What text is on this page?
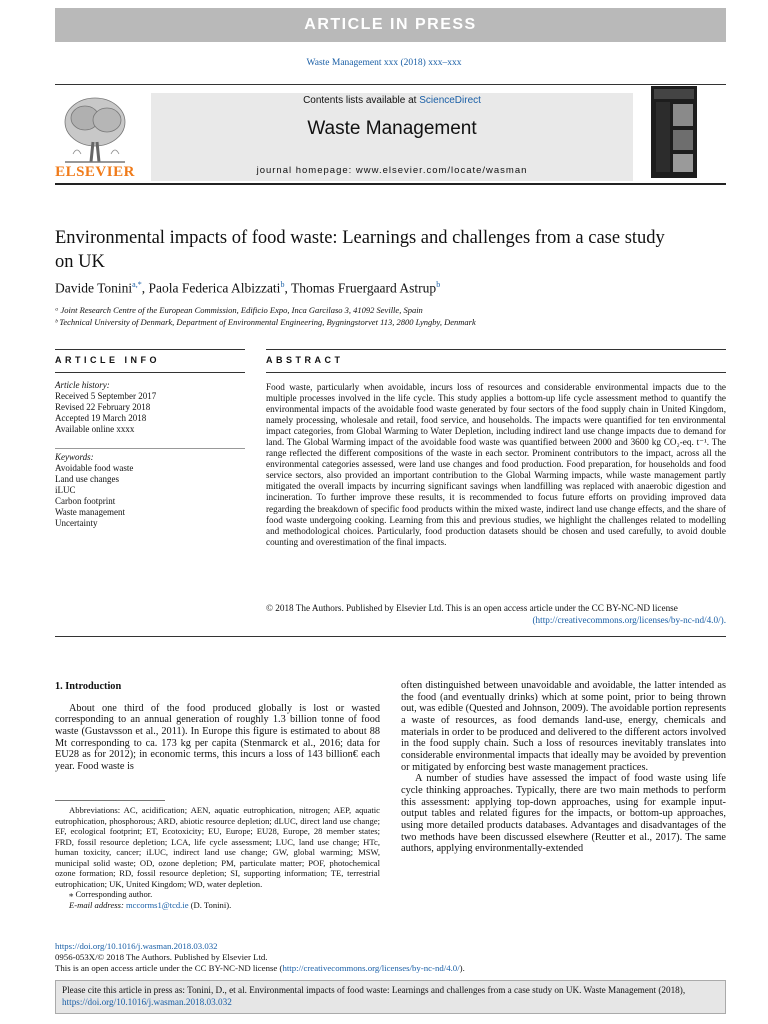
ARTICLE IN PRESS
Waste Management xxx (2018) xxx–xxx
ELSEVIER
Contents lists available at ScienceDirect
Waste Management
journal homepage: www.elsevier.com/locate/wasman
Environmental impacts of food waste: Learnings and challenges from a case study on UK
Davide Tonini$^{a,*}$, Paola Federica Albizzati$^b$, Thomas Fruergaard Astrup$^b$
ᵃ Joint Research Centre of the European Commission, Edificio Expo, Inca Garcilaso 3, 41092 Seville, Spain
ᵇ Technical University of Denmark, Department of Environmental Engineering, Bygningstorvet 113, 2800 Lyngby, Denmark
ARTICLE INFO	ABSTRACT
Article history:
Received 5 September 2017
Revised 22 February 2018
Accepted 19 March 2018
Available online xxxx
Keywords:
Avoidable food waste
Land use changes
iLUC
Carbon footprint
Waste management
Uncertainty
Food waste, particularly when avoidable, incurs loss of resources and considerable environmental impacts due to the multiple processes involved in the life cycle. This study applies a bottom-up life cycle assessment method to quantify the environmental impacts of the avoidable food waste generated by four sectors of the food supply chain in United Kingdom, namely processing, wholesale and retail, food service, and households. The impacts were quantified for ten environmental impact categories, from Global Warming to Water Depletion, including indirect land use change impacts due to demand for land. The Global Warming impact of the avoidable food waste was quantified between 2000 and 3600 kg CO₂-eq. t⁻¹. The range reflected the different compositions of the waste in each sector. Prominent contributors to the impact, across all the environmental categories assessed, were land use changes and food production. Food preparation, for households and food service sectors, also provided an important contribution to the Global Warming impacts, while waste management partly mitigated the overall impacts by incurring significant savings when landfilling was replaced with anaerobic digestion and incineration. To further improve these results, it is recommended to focus future efforts on providing improved data regarding the breakdown of specific food products within the mixed waste, indirect land use change effects, and the share of food waste undergoing cooking. Learning from this and previous studies, we highlight the challenges related to modelling and methodological choices. Particularly, food production datasets should be chosen and used carefully, to avoid double counting and overestimation of the final impacts.
© 2018 The Authors. Published by Elsevier Ltd. This is an open access article under the CC BY-NC-ND license
(http://creativecommons.org/licenses/by-nc-nd/4.0/).

1. Introduction

About one third of the food produced globally is lost or wasted corresponding to an annual generation of roughly 1.3 billion tonne of food waste (Gustavsson et al., 2011). In Europe this figure is estimated to about 88 Mt corresponding to ca. 173 kg per capita (Stenmarck et al., 2016; data for EU28 as for 2012); in economic terms, this incurs a loss of 143 billion€ each year. Food waste is

Abbreviations: AC, acidification; AEN, aquatic eutrophication, nitrogen; AEP, aquatic eutrophication, phosphorous; ARD, abiotic resource depletion; dLUC, direct land use change; EF, ecological footprint; ET, Ecotoxicity; EU, Europe; EU28, Europe, 28 member states; FRD, fossil resource depletion; LCA, life cycle assessment; LUC, land use change; HTc, human toxicity, cancer; iLUC, indirect land use change; GW, global warming; MSW, municipal solid waste; OD, ozone depletion; PM, particulate matter; POF, photochemical ozone formation; RD, fossil resource depletion; SI, supporting information; TE, terrestrial eutrophication; UK, United Kingdom; WD, water depletion.
⁎ Corresponding author.
E-mail address: mccorms1@tcd.ie (D. Tonini).

often distinguished between unavoidable and avoidable, the latter intended as the food (and eventually drinks) which at some point, prior to being thrown out, was edible (Quested and Johnson, 2009). The avoidable portion represents a waste of resources, as food demands land-use, energy, chemicals and materials in order to be produced and delivered to the different actors involved in the food supply chain. Such a loss of resources inevitably translates into considerable environmental impacts that ideally may be avoided by prevention or mitigated by enforcing best waste management practices.

A number of studies have assessed the impact of food waste using life cycle thinking approaches. Typically, there are two main methods to perform this assessment: applying top-down approaches, using for example input-output tables and related figures for the impacts, or bottom-up approaches, using more detailed products databases. Advantages and disadvantages of the two methods have been discussed elsewhere (Reutter et al., 2017). The same authors, applying environmentally-extended

https://doi.org/10.1016/j.wasman.2018.03.032
0956-053X/© 2018 The Authors. Published by Elsevier Ltd.
This is an open access article under the CC BY-NC-ND license (http://creativecommons.org/licenses/by-nc-nd/4.0/).
Please cite this article in press as: Tonini, D., et al. Environmental impacts of food waste: Learnings and challenges from a case study on UK. Waste Management (2018), https://doi.org/10.1016/j.wasman.2018.03.032
